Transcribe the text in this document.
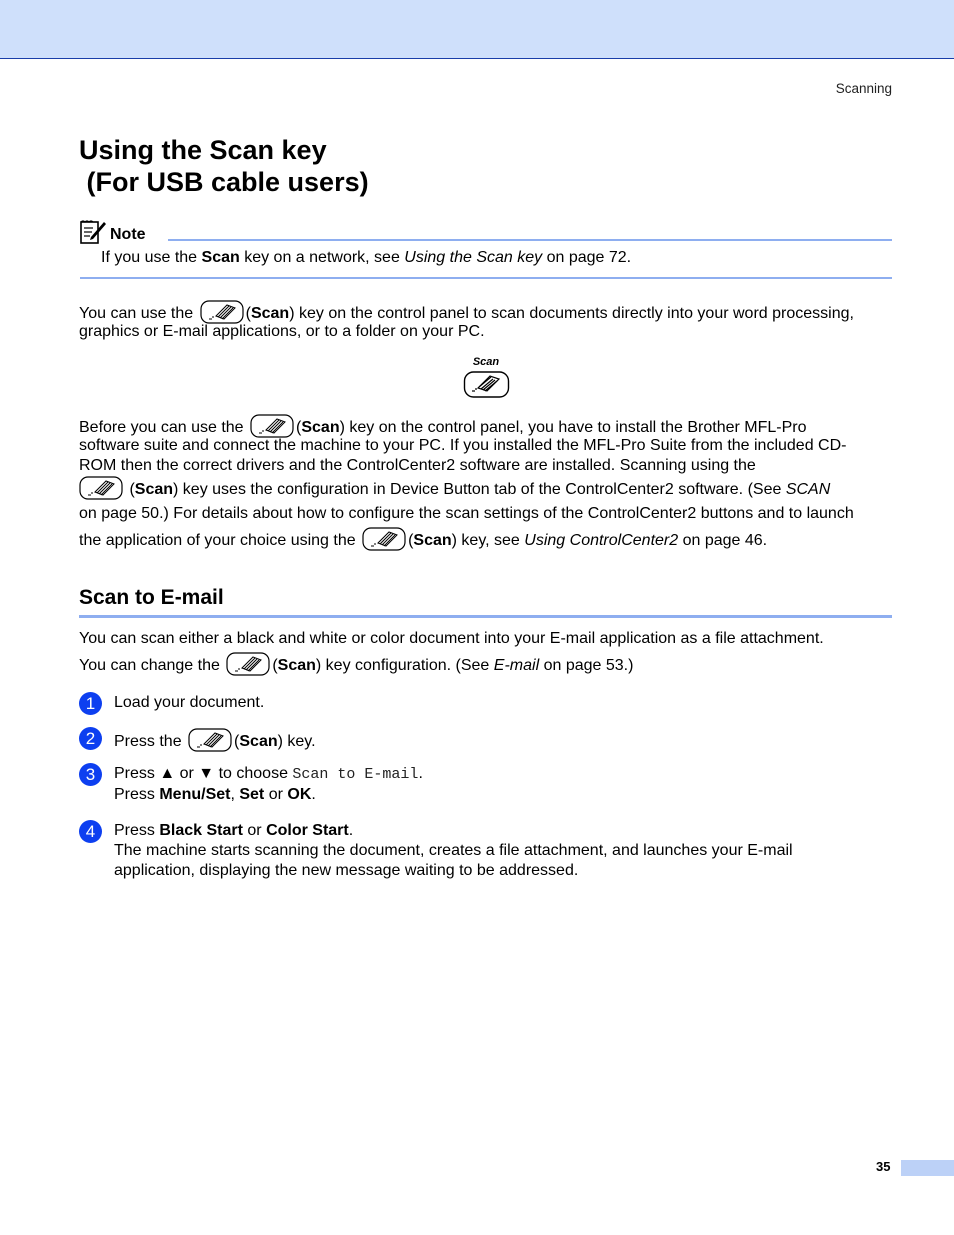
Scanning
Using the Scan key
(For USB cable users)
Note
If you use the Scan key on a network, see Using the Scan key on page 72.
You can use the	(Scan) key on the control panel to scan documents directly into your word processing,
graphics or E-mail applications, or to a folder on your PC.
Scan
Before you can use the	(Scan) key on the control panel, you have to install the Brother MFL-Pro
software suite and connect the machine to your PC. If you installed the MFL-Pro Suite from the included CD-
ROM then the correct drivers and the ControlCenter2 software are installed. Scanning using the
(Scan) key uses the configuration in Device Button tab of the ControlCenter2 software. (See SCAN
on page 50.) For details about how to configure the scan settings of the ControlCenter2 buttons and to launch
the application of your choice using the	(Scan) key, see Using ControlCenter2 on page 46.
Scan to E-mail
You can scan either a black and white or color document into your E-mail application as a file attachment.
You can change the	(Scan) key configuration. (See E-mail on page 53.)
1	Load your document.
2	Press the	(Scan) key.
3	Press ▲ or ▼ to choose Scan to E-mail.
Press Menu/Set, Set or OK.
4	Press Black Start or Color Start.
The machine starts scanning the document, creates a file attachment, and launches your E-mail
application, displaying the new message waiting to be addressed.
35
